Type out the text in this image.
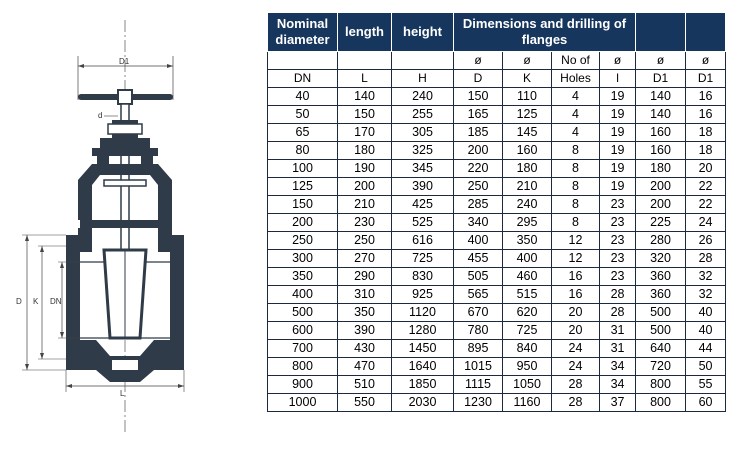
D1
d
D K DN
L
Nominal diameter	length	height	Dimensions and drilling of flanges					
			ø	ø	No of	ø	ø	ø
DN	L	H	D	K	Holes	l	D1	D1
40	140	240	150	110	4	19	140	16
50	150	255	165	125	4	19	140	16
65	170	305	185	145	4	19	160	18
80	180	325	200	160	8	19	160	18
100	190	345	220	180	8	19	180	20
125	200	390	250	210	8	19	200	22
150	210	425	285	240	8	23	200	22
200	230	525	340	295	8	23	225	24
250	250	616	400	350	12	23	280	26
300	270	725	455	400	12	23	320	28
350	290	830	505	460	16	23	360	32
400	310	925	565	515	16	28	360	32
500	350	1120	670	620	20	28	500	40
600	390	1280	780	725	20	31	500	40
700	430	1450	895	840	24	31	640	44
800	470	1640	1015	950	24	34	720	50
900	510	1850	1115	1050	28	34	800	55
1000	550	2030	1230	1160	28	37	800	60
